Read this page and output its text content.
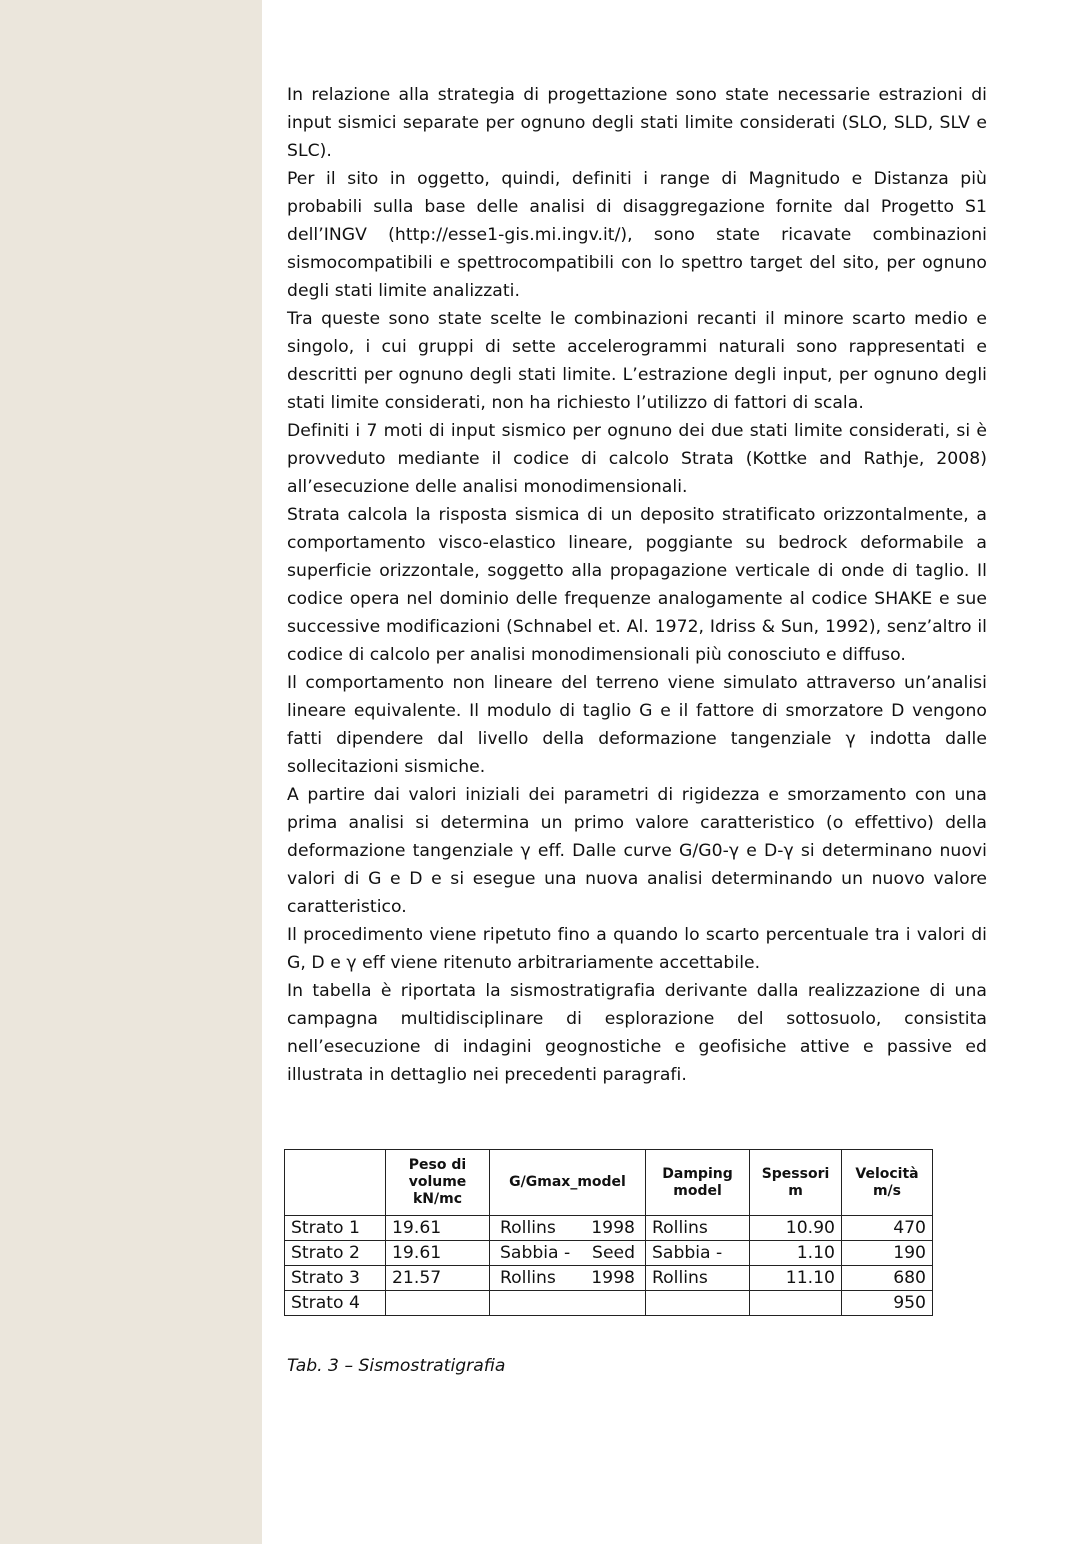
In relazione alla strategia di progettazione sono state necessarie estrazioni di input sismici separate per ognuno degli stati limite considerati (SLO, SLD, SLV e SLC).

Per il sito in oggetto, quindi, definiti i range di Magnitudo e Distanza più probabili sulla base delle analisi di disaggregazione fornite dal Progetto S1 dell’INGV (http://esse1-gis.mi.ingv.it/), sono state ricavate combinazioni sismocompatibili e spettrocompatibili con lo spettro target del sito, per ognuno degli stati limite analizzati.

Tra queste sono state scelte le combinazioni recanti il minore scarto medio e singolo, i cui gruppi di sette accelerogrammi naturali sono rappresentati e descritti per ognuno degli stati limite. L’estrazione degli input, per ognuno degli stati limite considerati, non ha richiesto l’utilizzo di fattori di scala.

Definiti i 7 moti di input sismico per ognuno dei due stati limite considerati, si è provveduto mediante il codice di calcolo Strata (Kottke and Rathje, 2008) all’esecuzione delle analisi monodimensionali.

Strata calcola la risposta sismica di un deposito stratificato orizzontalmente, a comportamento visco-elastico lineare, poggiante su bedrock deformabile a superficie orizzontale, soggetto alla propagazione verticale di onde di taglio. Il codice opera nel dominio delle frequenze analogamente al codice SHAKE e sue successive modificazioni (Schnabel et. Al. 1972, Idriss & Sun, 1992), senz’altro il codice di calcolo per analisi monodimensionali più conosciuto e diffuso.

Il comportamento non lineare del terreno viene simulato attraverso un’analisi lineare equivalente. Il modulo di taglio G e il fattore di smorzatore D vengono fatti dipendere dal livello della deformazione tangenziale γ indotta dalle sollecitazioni sismiche.

A partire dai valori iniziali dei parametri di rigidezza e smorzamento con una prima analisi si determina un primo valore caratteristico (o effettivo) della deformazione tangenziale γ eff. Dalle curve G/G0-γ e D-γ si determinano nuovi valori di G e D e si esegue una nuova analisi determinando un nuovo valore caratteristico.

Il procedimento viene ripetuto fino a quando lo scarto percentuale tra i valori di G, D e γ eff viene ritenuto arbitrariamente accettabile.

In tabella è riportata la sismostratigrafia derivante dalla realizzazione di una campagna multidisciplinare di esplorazione del sottosuolo, consistita nell’esecuzione di indagini geognostiche e geofisiche attive e passive ed illustrata in dettaglio nei precedenti paragrafi.

	Peso di volume kN/mc	G/Gmax_model	Damping model	Spessori m	Velocità m/s
Strato 1	19.61	Rollins 1998	Rollins	10.90	470
Strato 2	19.61	Sabbia - Seed	Sabbia -	1.10	190
Strato 3	21.57	Rollins 1998	Rollins	11.10	680
Strato 4					950
Tab. 3 – Sismostratigrafia
